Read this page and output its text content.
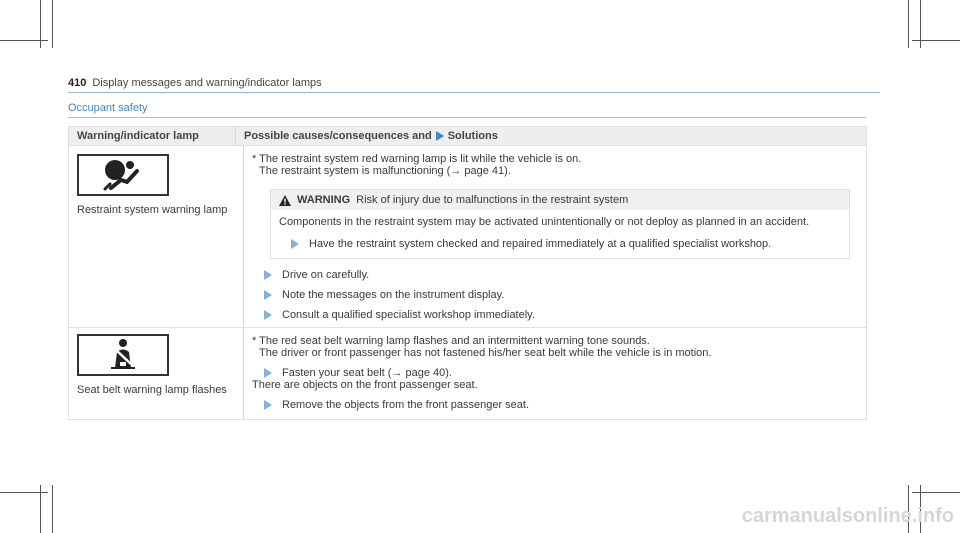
410 Display messages and warning/indicator lamps
Occupant safety
Warning/indicator lamp	Possible causes/consequences and Solutions

Restraint system warning lamp

* The restraint system red warning lamp is lit while the vehicle is on.

The restraint system is malfunctioning (→ page 41).

WARNING Risk of injury due to malfunctions in the restraint system

Components in the restraint system may be activated unintentionally or not deploy as planned in an accident.

Have the restraint system checked and repaired immediately at a qualified specialist workshop.
Drive on carefully.
Note the messages on the instrument display.
Consult a qualified specialist workshop immediately.

Seat belt warning lamp flashes

* The red seat belt warning lamp flashes and an intermittent warning tone sounds.

The driver or front passenger has not fastened his/her seat belt while the vehicle is in motion.

Fasten your seat belt (→ page 40).

There are objects on the front passenger seat.

Remove the objects from the front passenger seat.
carmanualsonline.info
